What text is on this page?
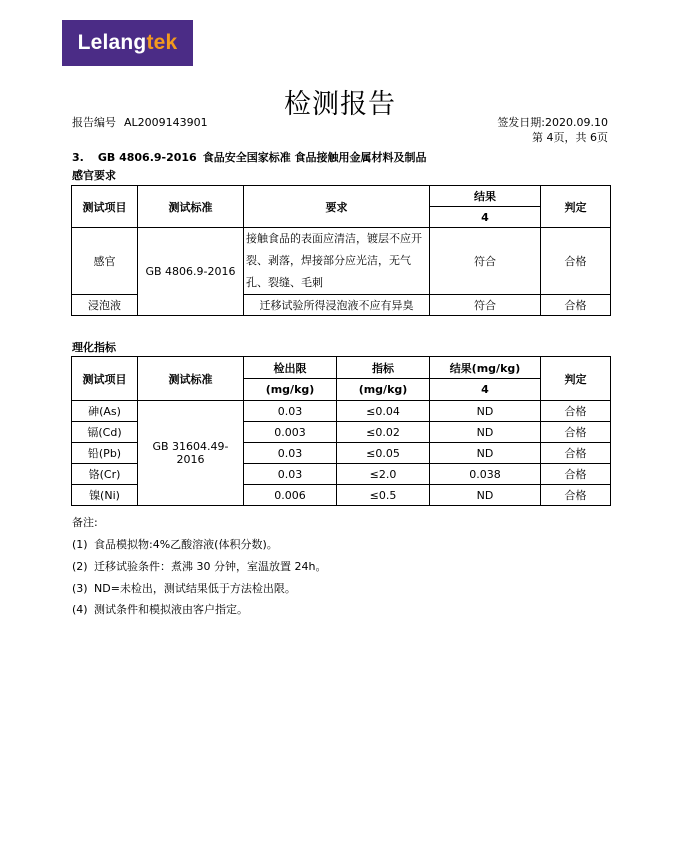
Lelangtek
检测报告
报告编号 AL2009143901	签发日期:2020.09.10
第 4页，共 6页
3. GB 4806.9-2016 食品安全国家标准 食品接触用金属材料及制品
感官要求
测试项目	测试标准	要求	结果	判定
			4	
感官	GB 4806.9-2016	接触食品的表面应清洁，镀层不应开裂、剥落，焊接部分应光洁，无气孔、裂缝、毛刺	符合	合格
浸泡液		迁移试验所得浸泡液不应有异臭	符合	合格
理化指标
测试项目	测试标准	检出限	指标	结果(mg/kg)	判定
		(mg/kg)	(mg/kg)	4	
砷(As)	GB 31604.49-2016	0.03	≤0.04	ND	合格
镉(Cd)		0.003	≤0.02	ND	合格
铅(Pb)		0.03	≤0.05	ND	合格
铬(Cr)		0.03	≤2.0	0.038	合格
镍(Ni)		0.006	≤0.5	ND	合格
备注:
(1) 食品模拟物:4%乙酸溶液(体积分数)。
(2) 迁移试验条件：煮沸 30 分钟，室温放置 24h。
(3) ND=未检出，测试结果低于方法检出限。
(4) 测试条件和模拟液由客户指定。
